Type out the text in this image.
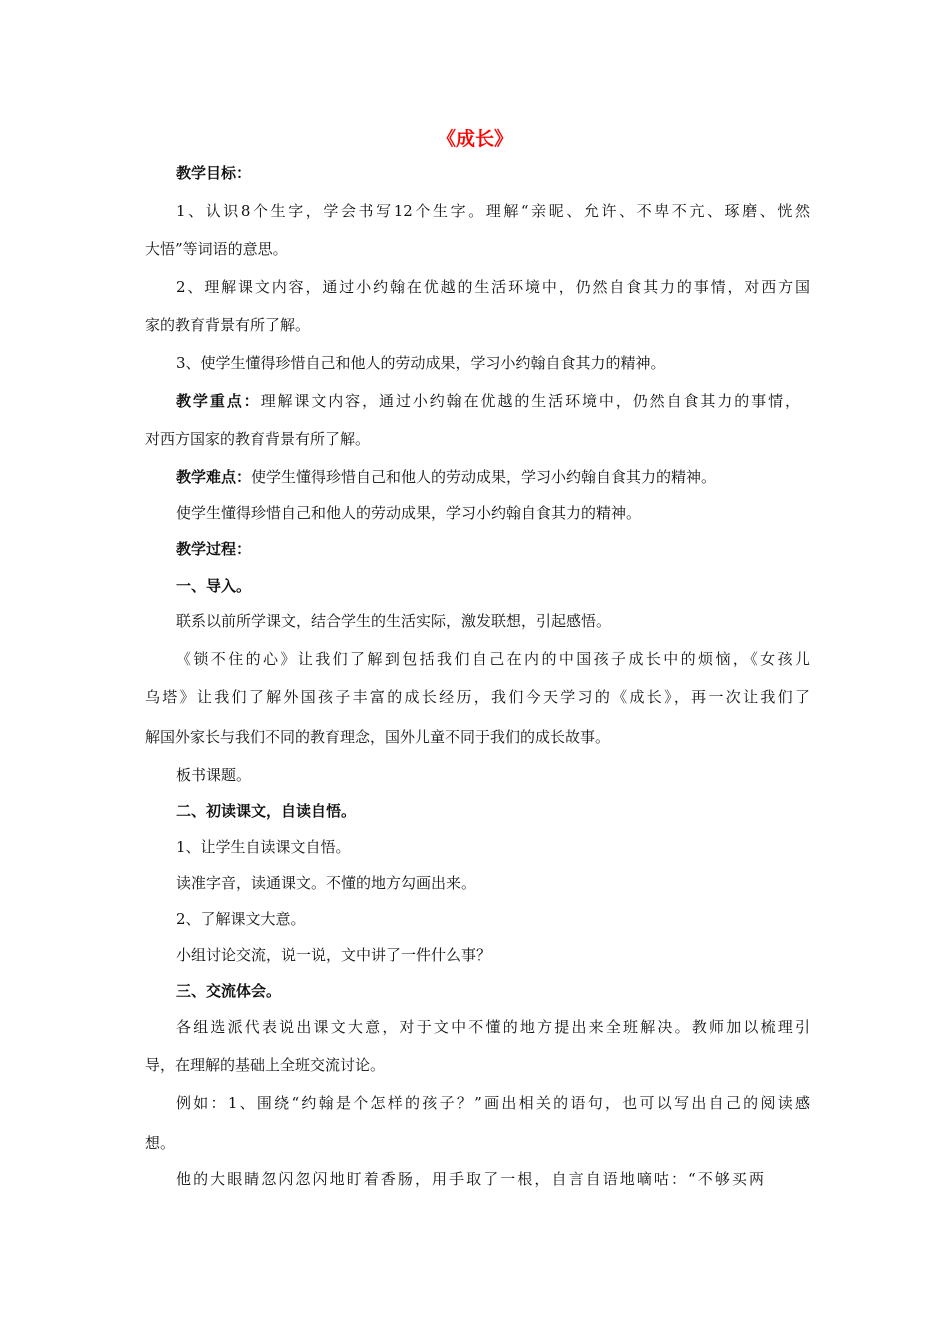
《成长》
教学目标：
1、认识8个生字，学会书写12个生字。理解“亲昵、允许、不卑不亢、琢磨、恍然
大悟”等词语的意思。
2、理解课文内容，通过小约翰在优越的生活环境中，仍然自食其力的事情，对西方国
家的教育背景有所了解。
3、使学生懂得珍惜自己和他人的劳动成果，学习小约翰自食其力的精神。
教学重点：理解课文内容，通过小约翰在优越的生活环境中，仍然自食其力的事情，
对西方国家的教育背景有所了解。
教学难点：使学生懂得珍惜自己和他人的劳动成果，学习小约翰自食其力的精神。
使学生懂得珍惜自己和他人的劳动成果，学习小约翰自食其力的精神。
教学过程：
一、导入。
联系以前所学课文，结合学生的生活实际，激发联想，引起感悟。
《锁不住的心》让我们了解到包括我们自己在内的中国孩子成长中的烦恼，《女孩儿
乌塔》让我们了解外国孩子丰富的成长经历，我们今天学习的《成长》，再一次让我们了
解国外家长与我们不同的教育理念，国外儿童不同于我们的成长故事。
板书课题。
二、初读课文，自读自悟。
1、让学生自读课文自悟。
读准字音，读通课文。不懂的地方勾画出来。
2、了解课文大意。
小组讨论交流，说一说，文中讲了一件什么事？
三、交流体会。
各组选派代表说出课文大意，对于文中不懂的地方提出来全班解决。教师加以梳理引
导，在理解的基础上全班交流讨论。
例如：1、围绕“约翰是个怎样的孩子？”画出相关的语句，也可以写出自己的阅读感
想。
他的大眼睛忽闪忽闪地盯着香肠，用手取了一根，自言自语地嘀咕：“不够买两
